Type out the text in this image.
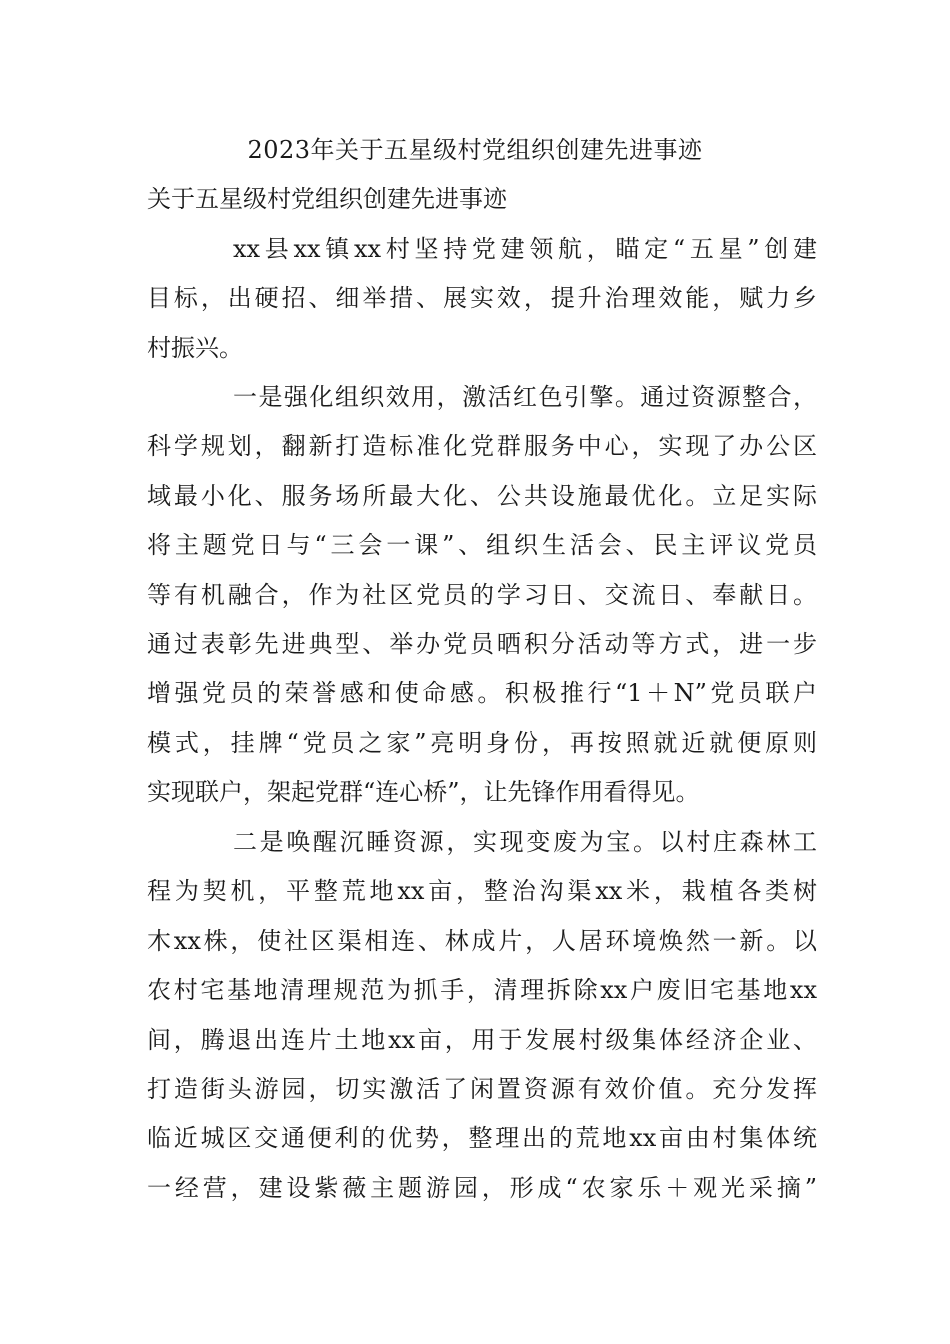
2023年关于五星级村党组织创建先进事迹
关于五星级村党组织创建先进事迹
xx县xx镇xx村坚持党建领航，瞄定“五星”创建
目标，出硬招、细举措、展实效，提升治理效能，赋力乡
村振兴。
一是强化组织效用，激活红色引擎。通过资源整合，
科学规划，翻新打造标准化党群服务中心，实现了办公区
域最小化、服务场所最大化、公共设施最优化。立足实际
将主题党日与“三会一课”、组织生活会、民主评议党员
等有机融合，作为社区党员的学习日、交流日、奉献日。
通过表彰先进典型、举办党员晒积分活动等方式，进一步
增强党员的荣誉感和使命感。积极推行“1＋N”党员联户
模式，挂牌“党员之家”亮明身份，再按照就近就便原则
实现联户，架起党群“连心桥”，让先锋作用看得见。
二是唤醒沉睡资源，实现变废为宝。以村庄森林工
程为契机，平整荒地xx亩，整治沟渠xx米，栽植各类树
木xx株，使社区渠相连、林成片，人居环境焕然一新。以
农村宅基地清理规范为抓手，清理拆除xx户废旧宅基地xx
间，腾退出连片土地xx亩，用于发展村级集体经济企业、
打造街头游园，切实激活了闲置资源有效价值。充分发挥
临近城区交通便利的优势，整理出的荒地xx亩由村集体统
一经营，建设紫薇主题游园，形成“农家乐＋观光采摘”
